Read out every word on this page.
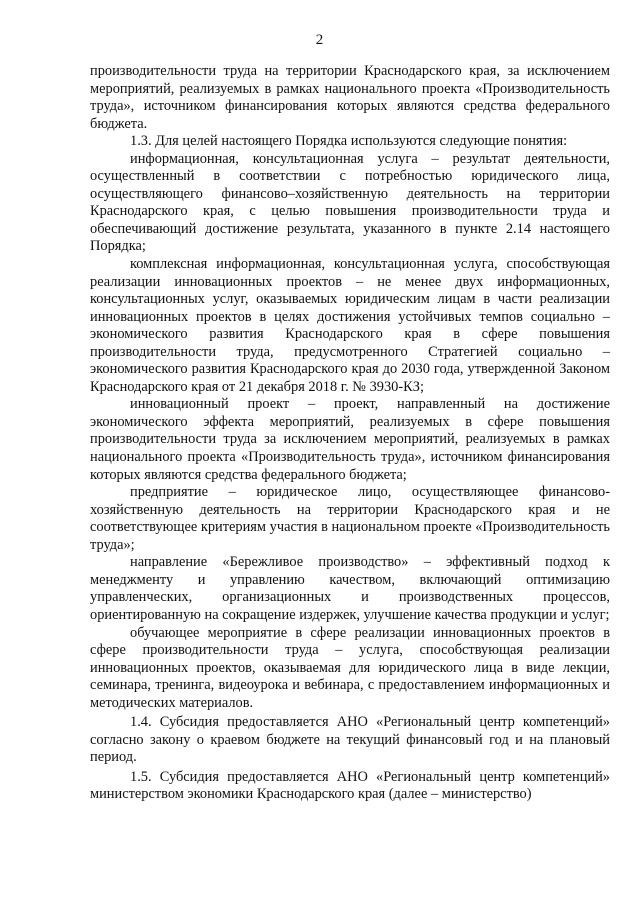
2

производительности труда на территории Краснодарского края, за исключением мероприятий, реализуемых в рамках национального проекта «Производительность труда», источником финансирования которых являются средства федерального бюджета.

1.3. Для целей настоящего Порядка используются следующие понятия:

информационная, консультационная услуга – результат деятельности, осуществленный в соответствии с потребностью юридического лица, осуществляющего финансово–хозяйственную деятельность на территории Краснодарского края, с целью повышения производительности труда и обеспечивающий достижение результата, указанного в пункте 2.14 настоящего Порядка;

комплексная информационная, консультационная услуга, способствующая реализации инновационных проектов – не менее двух информационных, консультационных услуг, оказываемых юридическим лицам в части реализации инновационных проектов в целях достижения устойчивых темпов социально – экономического развития Краснодарского края в сфере повышения производительности труда, предусмотренного Стратегией социально – экономического развития Краснодарского края до 2030 года, утвержденной Законом Краснодарского края от 21 декабря 2018 г. № 3930-КЗ;

инновационный проект – проект, направленный на достижение экономического эффекта мероприятий, реализуемых в сфере повышения производительности труда за исключением мероприятий, реализуемых в рамках национального проекта «Производительность труда», источником финансирования которых являются средства федерального бюджета;

предприятие – юридическое лицо, осуществляющее финансово-хозяйственную деятельность на территории Краснодарского края и не соответствующее критериям участия в национальном проекте «Производительность труда»;

направление «Бережливое производство» – эффективный подход к менеджменту и управлению качеством, включающий оптимизацию управленческих, организационных и производственных процессов, ориентированную на сокращение издержек, улучшение качества продукции и услуг;

обучающее мероприятие в сфере реализации инновационных проектов в сфере производительности труда – услуга, способствующая реализации инновационных проектов, оказываемая для юридического лица в виде лекции, семинара, тренинга, видеоурока и вебинара, с предоставлением информационных и методических материалов.

1.4. Субсидия предоставляется АНО «Региональный центр компетенций» согласно закону о краевом бюджете на текущий финансовый год и на плановый период.

1.5. Субсидия предоставляется АНО «Региональный центр компетенций» министерством экономики Краснодарского края (далее – министерство)
